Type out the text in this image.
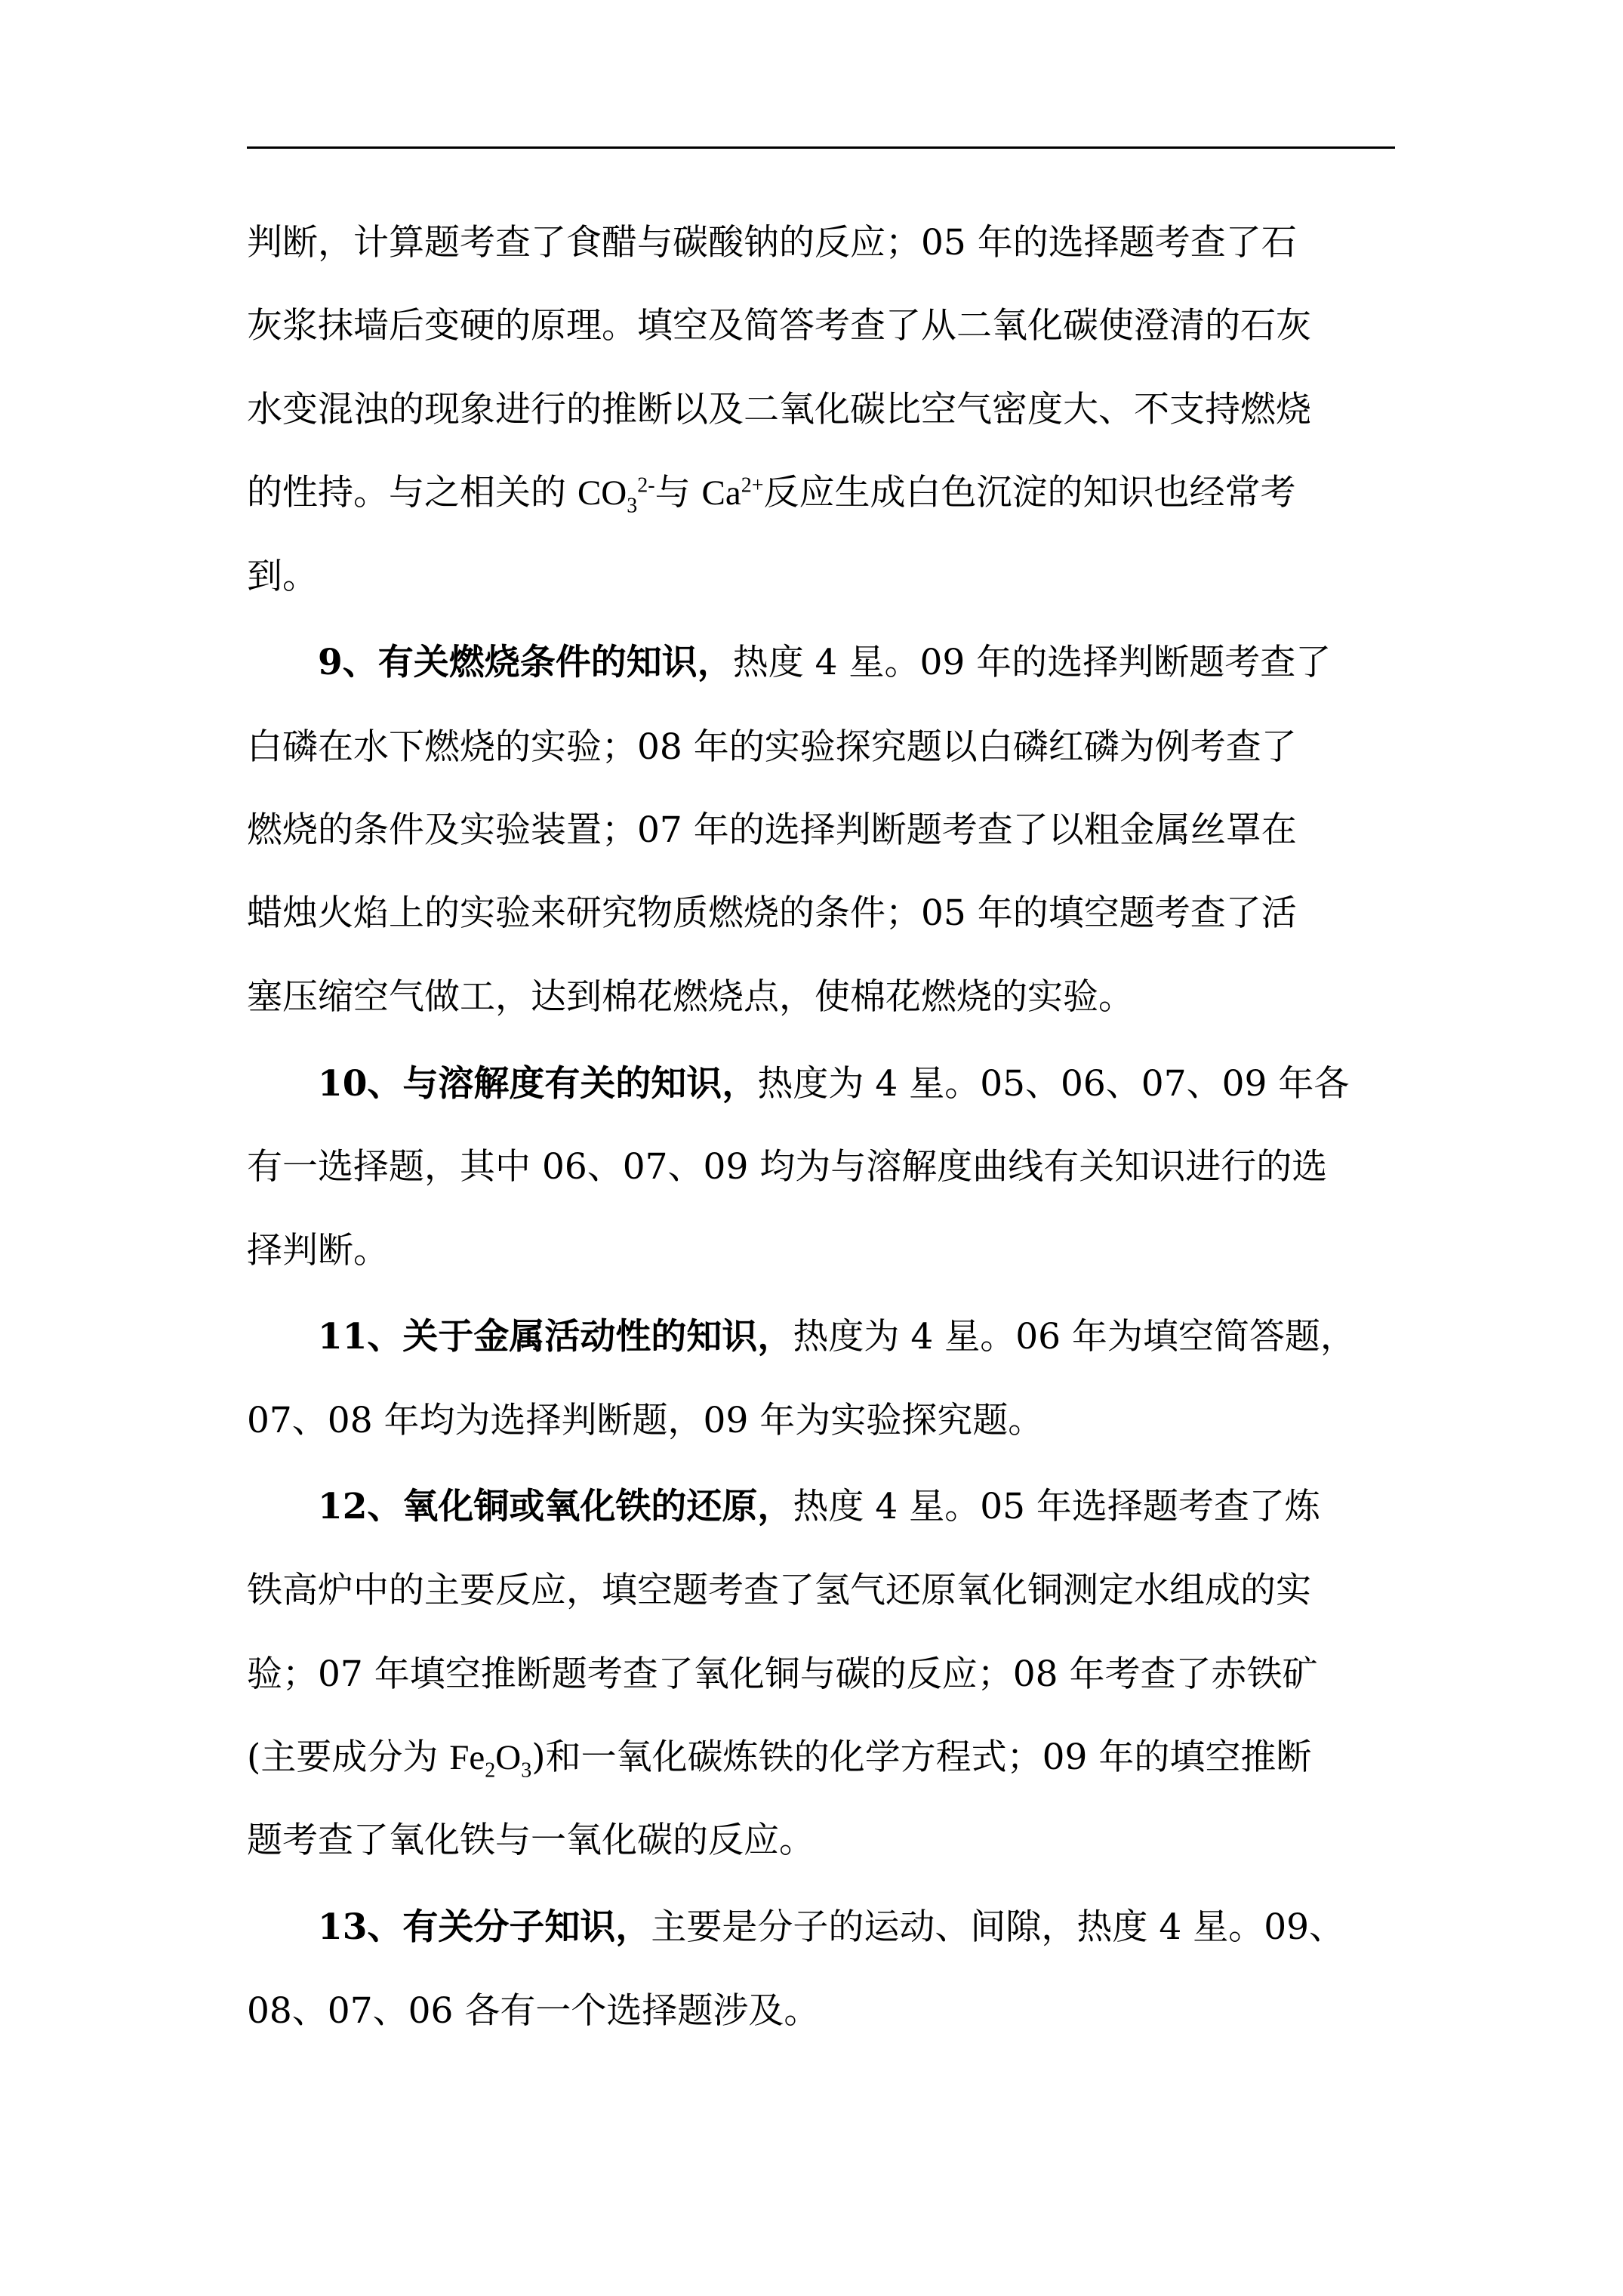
判断，计算题考查了食醋与碳酸钠的反应；05 年的选择题考查了石
灰浆抹墙后变硬的原理。填空及简答考查了从二氧化碳使澄清的石灰
水变混浊的现象进行的推断以及二氧化碳比空气密度大、不支持燃烧
的性持。与之相关的 $CO_3^{2-}$与 $Ca^{2+}$反应生成白色沉淀的知识也经常考
到。
9、有关燃烧条件的知识，热度 4 星。09 年的选择判断题考查了
白磷在水下燃烧的实验；08 年的实验探究题以白磷红磷为例考查了
燃烧的条件及实验装置；07 年的选择判断题考查了以粗金属丝罩在
蜡烛火焰上的实验来研究物质燃烧的条件；05 年的填空题考查了活
塞压缩空气做工，达到棉花燃烧点，使棉花燃烧的实验。
10、与溶解度有关的知识，热度为 4 星。05、06、07、09 年各
有一选择题，其中 06、07、09 均为与溶解度曲线有关知识进行的选
择判断。
11、关于金属活动性的知识，热度为 4 星。06 年为填空简答题，
07、08 年均为选择判断题，09 年为实验探究题。
12、氧化铜或氧化铁的还原，热度 4 星。05 年选择题考查了炼
铁高炉中的主要反应，填空题考查了氢气还原氧化铜测定水组成的实
验；07 年填空推断题考查了氧化铜与碳的反应；08 年考查了赤铁矿
(主要成分为 $Fe_2O_3$)和一氧化碳炼铁的化学方程式；09 年的填空推断
题考查了氧化铁与一氧化碳的反应。
13、有关分子知识，主要是分子的运动、间隙，热度 4 星。09、
08、07、06 各有一个选择题涉及。
